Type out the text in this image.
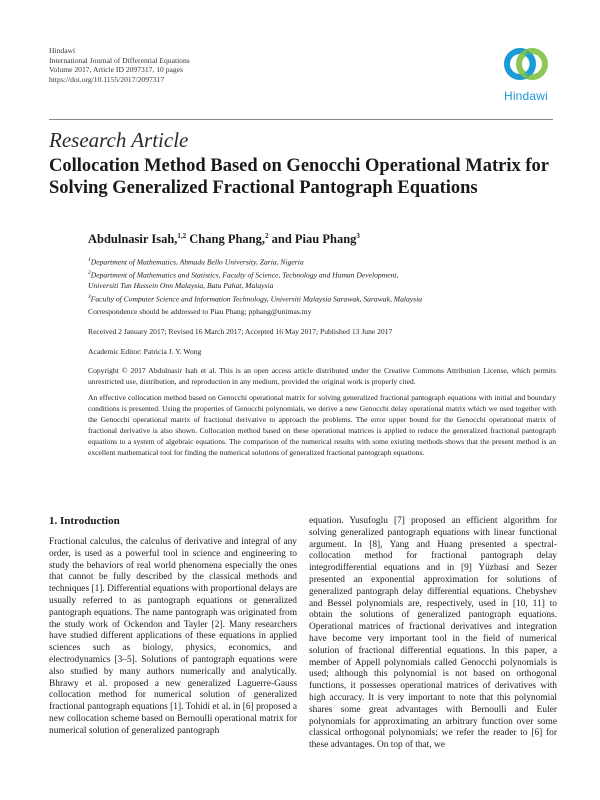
Hindawi
International Journal of Differential Equations
Volume 2017, Article ID 2097317, 10 pages
https://doi.org/10.1155/2017/2097317
Hindawi
Research Article
Collocation Method Based on Genocchi Operational Matrix for
Solving Generalized Fractional Pantograph Equations
Abdulnasir Isah,$^{1,2}$ Chang Phang,$^2$ and Piau Phang$^3$
$^1$Department of Mathematics, Ahmadu Bello University, Zaria, Nigeria
$^2$Department of Mathematics and Statistics, Faculty of Science, Technology and Human Development,
Universiti Tun Hussein Onn Malaysia, Batu Pahat, Malaysia
$^3$Faculty of Computer Science and Information Technology, Universiti Malaysia Sarawak, Sarawak, Malaysia
Correspondence should be addressed to Piau Phang; pphang@unimas.my
Received 2 January 2017; Revised 16 March 2017; Accepted 16 May 2017; Published 13 June 2017
Academic Editor: Patricia J. Y. Wong
Copyright © 2017 Abdulnasir Isah et al. This is an open access article distributed under the Creative Commons Attribution License, which permits unrestricted use, distribution, and reproduction in any medium, provided the original work is properly cited.
An effective collocation method based on Genocchi operational matrix for solving generalized fractional pantograph equations with initial and boundary conditions is presented. Using the properties of Genocchi polynomials, we derive a new Genocchi delay operational matrix which we used together with the Genocchi operational matrix of fractional derivative to approach the problems. The error upper bound for the Genocchi operational matrix of fractional derivative is also shown. Collocation method based on these operational matrices is applied to reduce the generalized fractional pantograph equations to a system of algebraic equations. The comparison of the numerical results with some existing methods shows that the present method is an excellent mathematical tool for finding the numerical solutions of generalized fractional pantograph equations.
1. Introduction
Fractional calculus, the calculus of derivative and integral of any order, is used as a powerful tool in science and engineering to study the behaviors of real world phenomena especially the ones that cannot be fully described by the classical methods and techniques [1]. Differential equations with proportional delays are usually referred to as pantograph equations or generalized pantograph equations. The name pantograph was originated from the study work of Ockendon and Tayler [2]. Many researchers have studied different applications of these equations in applied sciences such as biology, physics, economics, and electrodynamics [3–5]. Solutions of pantograph equations were also studied by many authors numerically and analytically. Bhrawy et al. proposed a new generalized Laguerre-Gauss collocation method for numerical solution of generalized fractional pantograph equations [1]. Tohidi et al. in [6] proposed a new collocation scheme based on Bernoulli operational matrix for numerical solution of generalized pantograph
equation. Yusufoglu [7] proposed an efficient algorithm for solving generalized pantograph equations with linear functional argument. In [8], Yang and Huang presented a spectral-collocation method for fractional pantograph delay integrodifferential equations and in [9] Yüzbasi and Sezer presented an exponential approximation for solutions of generalized pantograph delay differential equations. Chebyshev and Bessel polynomials are, respectively, used in [10, 11] to obtain the solutions of generalized pantograph equations. Operational matrices of fractional derivatives and integration have become very important tool in the field of numerical solution of fractional differential equations. In this paper, a member of Appell polynomials called Genocchi polynomials is used; although this polynomial is not based on orthogonal functions, it possesses operational matrices of derivatives with high accuracy. It is very important to note that this polynomial shares some great advantages with Bernoulli and Euler polynomials for approximating an arbitrary function over some classical orthogonal polynomials; we refer the reader to [6] for these advantages. On top of that, we
